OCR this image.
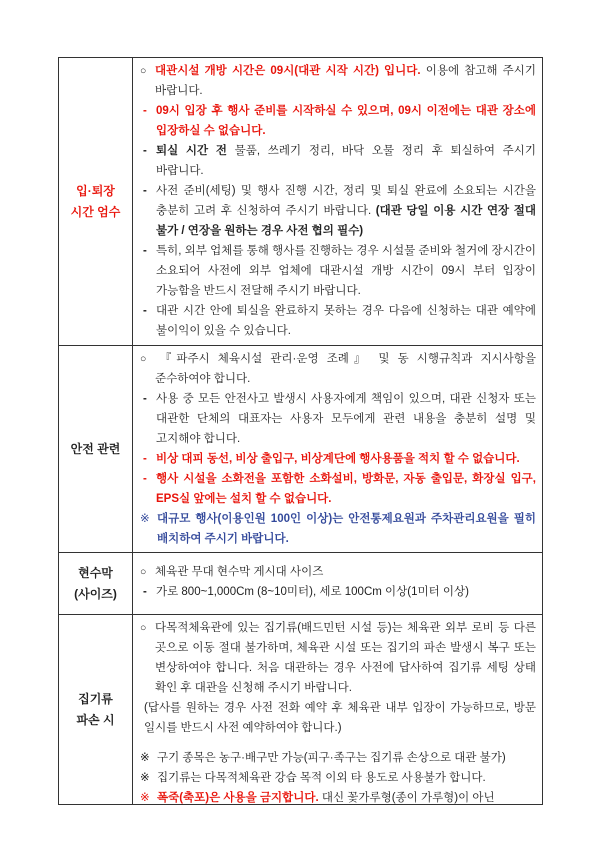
입·퇴장
시간 엄수
○ 대관시설 개방 시간은 09시(대관 시작 시간) 입니다. 이용에 참고해 주시기 바랍니다.
- 09시 입장 후 행사 준비를 시작하실 수 있으며, 09시 이전에는 대관 장소에 입장하실 수 없습니다.
- 퇴실 시간 전 물품, 쓰레기 정리, 바닥 오물 정리 후 퇴실하여 주시기 바랍니다.
- 사전 준비(세팅) 및 행사 진행 시간, 정리 및 퇴실 완료에 소요되는 시간을 충분히 고려 후 신청하여 주시기 바랍니다. (대관 당일 이용 시간 연장 절대 불가 / 연장을 원하는 경우 사전 협의 필수)
- 특히, 외부 업체를 통해 행사를 진행하는 경우 시설물 준비와 철거에 장시간이 소요되어 사전에 외부 업체에 대관시설 개방 시간이 09시 부터 입장이 가능함을 반드시 전달해 주시기 바랍니다.
- 대관 시간 안에 퇴실을 완료하지 못하는 경우 다음에 신청하는 대관 예약에 불이익이 있을 수 있습니다.
안전 관련
○ 『파주시 체육시설 관리·운영 조례』 및 동 시행규칙과 지시사항을 준수하여야 합니다.
- 사용 중 모든 안전사고 발생시 사용자에게 책임이 있으며, 대관 신청자 또는 대관한 단체의 대표자는 사용자 모두에게 관련 내용을 충분히 설명 및 고지해야 합니다.
- 비상 대피 동선, 비상 출입구, 비상계단에 행사용품을 적치 할 수 없습니다.
- 행사 시설을 소화전을 포함한 소화설비, 방화문, 자동 출입문, 화장실 입구, EPS실 앞에는 설치 할 수 없습니다.
※ 대규모 행사(이용인원 100인 이상)는 안전통제요원과 주차관리요원을 필히 배치하여 주시기 바랍니다.
현수막
(사이즈)
○ 체육관 무대 현수막 게시대 사이즈
- 가로 800~1,000Cm (8~10미터), 세로 100Cm 이상(1미터 이상)
집기류
파손 시
○ 다목적체육관에 있는 집기류(배드민턴 시설 등)는 체육관 외부 로비 등 다른 곳으로 이동 절대 불가하며, 체육관 시설 또는 집기의 파손 발생시 복구 또는 변상하여야 합니다. 처음 대관하는 경우 사전에 답사하여 집기류 세팅 상태 확인 후 대관을 신청해 주시기 바랍니다.
(답사를 원하는 경우 사전 전화 예약 후 체육관 내부 입장이 가능하므로, 방문 일시를 반드시 사전 예약하여야 합니다.)
※ 구기 종목은 농구·배구만 가능(피구·족구는 집기류 손상으로 대관 불가)
※ 집기류는 다목적체육관 강습 목적 이외 타 용도로 사용불가 합니다.
※ 폭죽(축포)은 사용을 금지합니다. 대신 꽃가루형(종이 가루형)이 아닌
